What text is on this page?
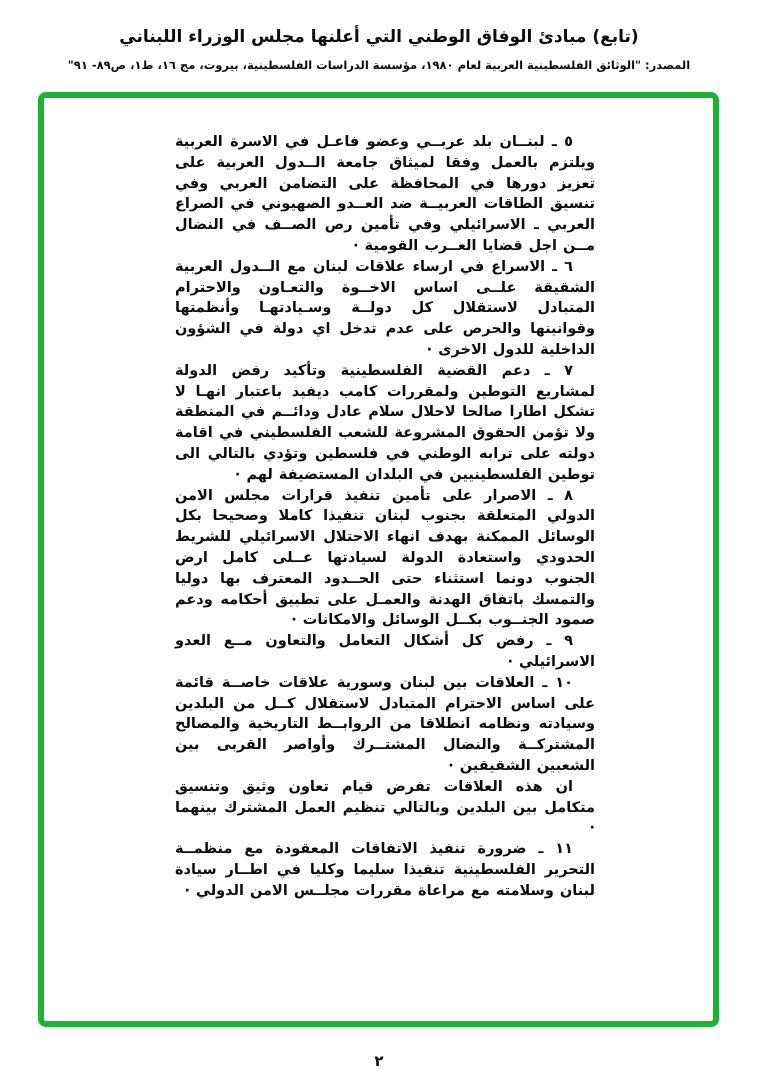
(تابع) مبادئ الوفاق الوطني التي أعلنها مجلس الوزراء اللبناني
المصدر: "الوثائق الفلسطينية العربية لعام ١٩٨٠، مؤسسة الدراسات الفلسطينية، بيروت، مج ١٦، ط١، ص٨٩- ٩١"

٥ ـ لبنــان بلد عربــي وعضو فاعـل في الاسرة العربية ويلتزم بالعمل وفقا لميثاق جامعة الــدول العربية على تعزيز دورها في المحافظة على التضامن العربي وفي تنسيق الطاقات العربيــة ضد العــدو الصهيوني في الصراع العربي ـ الاسرائيلي وفي تأمين رص الصــف في النضال مــن اجل قضايا العــرب القومية ·

٦ ـ الاسراع في ارساء علاقات لبنان مع الــدول العربية الشقيقة علــى اساس الاخــوة والتعـاون والاحترام المتبادل لاستقلال كل دولــة وسـيادتهـا وأنظمتها وقوانينها والحرص على عدم تدخل اي دولة في الشؤون الداخلية للدول الاخرى ·

٧ ـ دعم القضية الفلسطينية وتأكيد رفض الدولة لمشاريع التوطين ولمقررات كامب ديفيد باعتبار انهـا لا تشكل اطارا صالحا لاحلال سلام عادل ودائــم في المنطقة ولا تؤمن الحقوق المشروعة للشعب الفلسطيني في اقامة دولته على ترابه الوطني في فلسطين وتؤدي بالتالي الى توطين الفلسطينيين في البلدان المستضيفة لهم ·

٨ ـ الاصرار على تأمين تنفيذ قرارات مجلس الامن الدولي المتعلقة بجنوب لبنان تنفيذا كاملا وصحيحا بكل الوسائل الممكنة بهدف انهاء الاحتلال الاسرائيلي للشريط الحدودي واستعادة الدولة لسيادتها عــلى كامل ارض الجنوب دونما استثناء حتى الحــدود المعترف بها دوليا والتمسك باتفاق الهدنة والعمـل على تطبيق أحكامه ودعم صمود الجنــوب بكــل الوسائل والامكانات ·

٩ ـ رفض كل أشكال التعامل والتعاون مــع العدو الاسرائيلي ·

١٠ ـ العلاقات بين لبنان وسورية علاقات خاصــة قائمة على اساس الاحترام المتبادل لاستقلال كــل من البلدين وسيادته ونظامه انطلاقا من الروابــط التاريخية والمصالح المشتركــة والنضال المشتــرك وأواصر القربى بين الشعبين الشقيقين ·

ان هذه العلاقات تفرض قيام تعاون وثيق وتنسيق متكامل بين البلدين وبالتالي تنظيم العمل المشترك بينهما ·

١١ ـ ضرورة تنفيذ الاتفاقات المعقودة مع منظمــة التحرير الفلسطينية تنفيذا سليما وكليا في اطــار سيادة لبنان وسلامته مع مراعاة مقررات مجلــس الامن الدولي ·

٢
